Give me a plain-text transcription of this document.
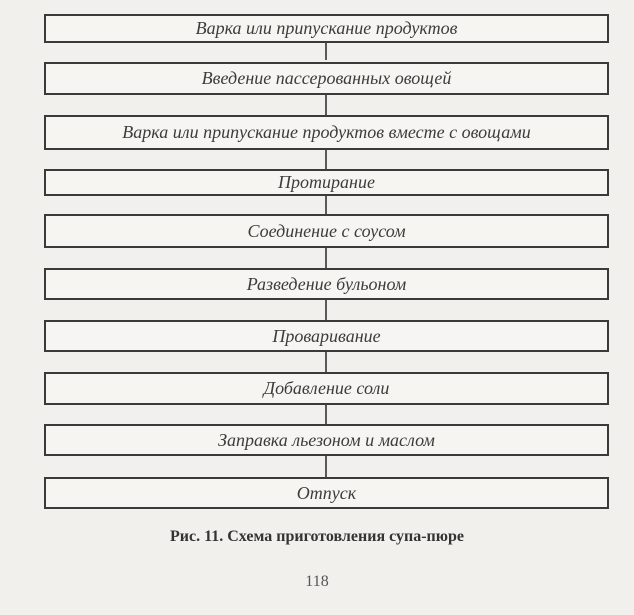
Варка или припускание продуктов
Введение пассерованных овощей
Варка или припускание продуктов вместе с овощами
Протирание
Соединение с соусом
Разведение бульоном
Проваривание
Добавление соли
Заправка льезоном и маслом
Отпуск
Рис. 11. Схема приготовления супа-пюре
118
